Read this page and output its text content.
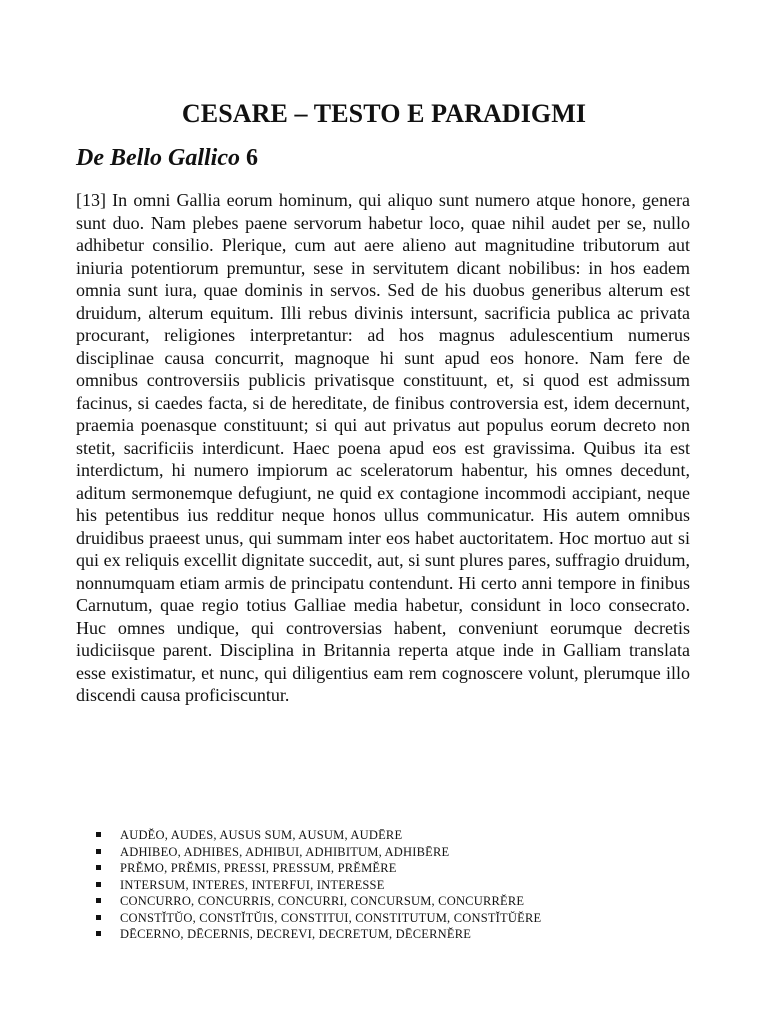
CESARE – TESTO E PARADIGMI
De Bello Gallico 6

[13] In omni Gallia eorum hominum, qui aliquo sunt numero atque honore, genera sunt duo. Nam plebes paene servorum habetur loco, quae nihil audet per se, nullo adhibetur consilio. Plerique, cum aut aere alieno aut magnitudine tributorum aut iniuria potentiorum premuntur, sese in servitutem dicant nobilibus: in hos eadem omnia sunt iura, quae dominis in servos. Sed de his duobus generibus alterum est druidum, alterum equitum. Illi rebus divinis intersunt, sacrificia publica ac privata procurant, religiones interpretantur: ad hos magnus adulescentium numerus disciplinae causa concurrit, magnoque hi sunt apud eos honore. Nam fere de omnibus controversiis publicis privatisque constituunt, et, si quod est admissum facinus, si caedes facta, si de hereditate, de finibus controversia est, idem decernunt, praemia poenasque constituunt; si qui aut privatus aut populus eorum decreto non stetit, sacrificiis interdicunt. Haec poena apud eos est gravissima. Quibus ita est interdictum, hi numero impiorum ac sceleratorum habentur, his omnes decedunt, aditum sermonemque defugiunt, ne quid ex contagione incommodi accipiant, neque his petentibus ius redditur neque honos ullus communicatur. His autem omnibus druidibus praeest unus, qui summam inter eos habet auctoritatem. Hoc mortuo aut si qui ex reliquis excellit dignitate succedit, aut, si sunt plures pares, suffragio druidum, nonnumquam etiam armis de principatu contendunt. Hi certo anni tempore in finibus Carnutum, quae regio totius Galliae media habetur, considunt in loco consecrato. Huc omnes undique, qui controversias habent, conveniunt eorumque decretis iudiciisque parent. Disciplina in Britannia reperta atque inde in Galliam translata esse existimatur, et nunc, qui diligentius eam rem cognoscere volunt, plerumque illo discendi causa proficiscuntur.

AUDĔO, AUDES, AUSUS SUM, AUSUM, AUDĒRE
ADHIBEO, ADHIBES, ADHIBUI, ADHIBITUM, ADHIBĒRE
PRĔMO, PRĔMIS, PRESSI, PRESSUM, PRĔMĔRE
INTERSUM, INTERES, INTERFUI, INTERESSE
CONCURRO, CONCURRIS, CONCURRI, CONCURSUM, CONCURRĔRE
CONSTĬTŬO, CONSTĬTŬIS, CONSTITUI, CONSTITUTUM, CONSTĬTŬĔRE
DĒCERNO, DĒCERNIS, DECREVI, DECRETUM, DĒCERNĔRE
